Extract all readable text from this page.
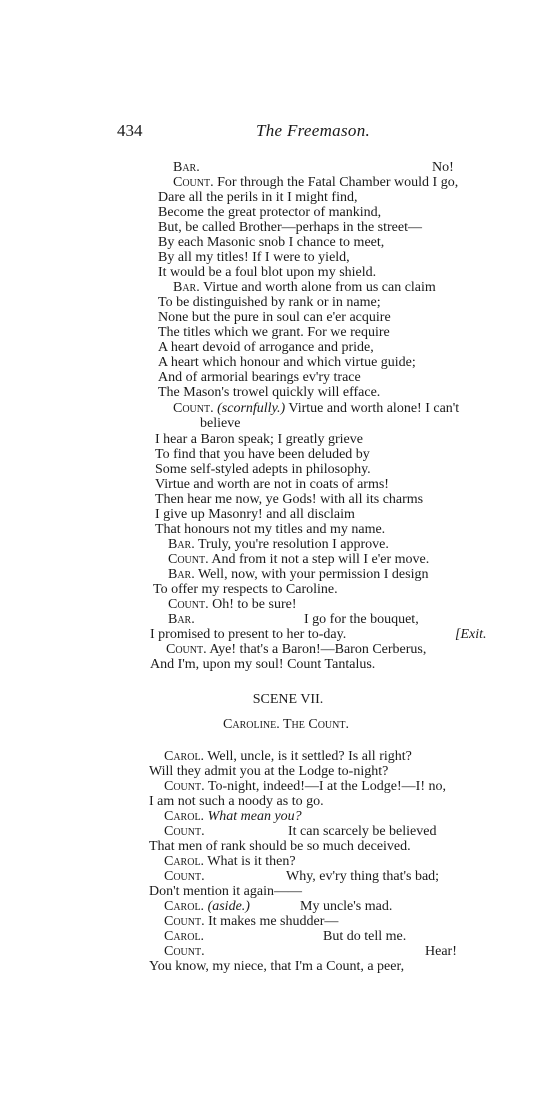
434	The Freemason.
Bar.	No!
Count. For through the Fatal Chamber would I go,
Dare all the perils in it I might find,
Become the great protector of mankind,
But, be called Brother—perhaps in the street—
By each Masonic snob I chance to meet,
By all my titles! If I were to yield,
It would be a foul blot upon my shield.
Bar. Virtue and worth alone from us can claim
To be distinguished by rank or in name;
None but the pure in soul can e'er acquire
The titles which we grant. For we require
A heart devoid of arrogance and pride,
A heart which honour and which virtue guide;
And of armorial bearings ev'ry trace
The Mason's trowel quickly will efface.
Count. (scornfully.) Virtue and worth alone! I can't
believe
I hear a Baron speak; I greatly grieve
To find that you have been deluded by
Some self-styled adepts in philosophy.
Virtue and worth are not in coats of arms!
Then hear me now, ye Gods! with all its charms
I give up Masonry! and all disclaim
That honours not my titles and my name.
Bar. Truly, you're resolution I approve.
Count. And from it not a step will I e'er move.
Bar. Well, now, with your permission I design
To offer my respects to Caroline.
Count. Oh! to be sure!
Bar.	I go for the bouquet,
I promised to present to her to-day.	[Exit.
Count. Aye! that's a Baron!—Baron Cerberus,
And I'm, upon my soul! Count Tantalus.
SCENE VII.
Caroline. The Count.
Carol. Well, uncle, is it settled? Is all right?
Will they admit you at the Lodge to-night?
Count. To-night, indeed!—I at the Lodge!—I! no,
I am not such a noody as to go.
Carol. What mean you?
Count.	It can scarcely be believed
That men of rank should be so much deceived.
Carol. What is it then?
Count.	Why, ev'ry thing that's bad;
Don't mention it again——
Carol. (aside.)	My uncle's mad.
Count. It makes me shudder—
Carol.	But do tell me.
Count.	Hear!
You know, my niece, that I'm a Count, a peer,
